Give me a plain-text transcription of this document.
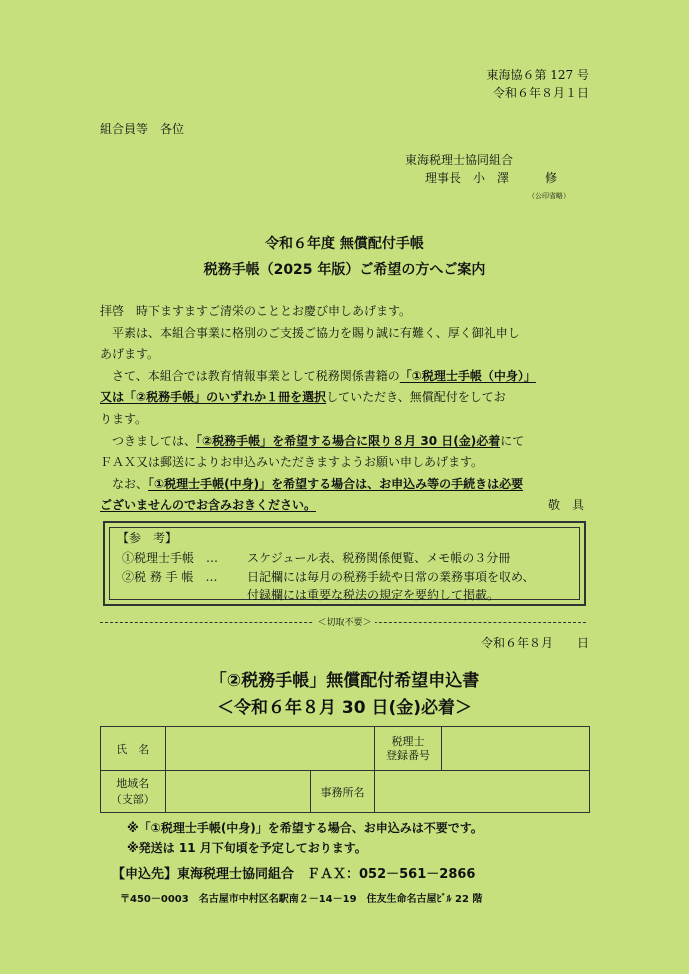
東海協６第 127 号
令和６年８月１日
組合員等　各位
東海税理士協同組合
理事長　小　澤　　　修
（公印省略）
令和６年度 無償配付手帳
税務手帳（2025 年版）ご希望の方へご案内
拝啓　時下ますますご清栄のこととお慶び申しあげます。
平素は、本組合事業に格別のご支援ご協力を賜り誠に有難く、厚く御礼申し
あげます。
さて、本組合では教育情報事業として税務関係書籍の「①税理士手帳（中身）」
又は「②税務手帳」のいずれか１冊を選択していただき、無償配付をしてお
ります。
つきましては、「②税務手帳」を希望する場合に限り８月 30 日(金)必着にて
ＦＡＸ又は郵送によりお申込みいただきますようお願い申しあげます。
なお、「①税理士手帳(中身)」を希望する場合は、お申込み等の手続きは必要
ございませんのでお含みおきください。	敬　具
【参　考】
①税理士手帳　… スケジュール表、税務関係便覧、メモ帳の３分冊
②税 務 手 帳　… 日記欄には毎月の税務手続や日常の業務事項を収め、
付録欄には重要な税法の規定を要約して掲載。
＜切取不要＞
令和６年８月　　日
「②税務手帳」無償配付希望申込書
＜令和６年８月 30 日(金)必着＞
氏　名			税理士
登録番号	
地域名
（支部）		事務所名		
※「①税理士手帳(中身)」を希望する場合、お申込みは不要です。
※発送は 11 月下旬頃を予定しております。
【申込先】東海税理士協同組合　ＦＡＸ：052－561－2866
〒450－0003　名古屋市中村区名駅南２－14－19　住友生命名古屋ﾋﾞﾙ 22 階
